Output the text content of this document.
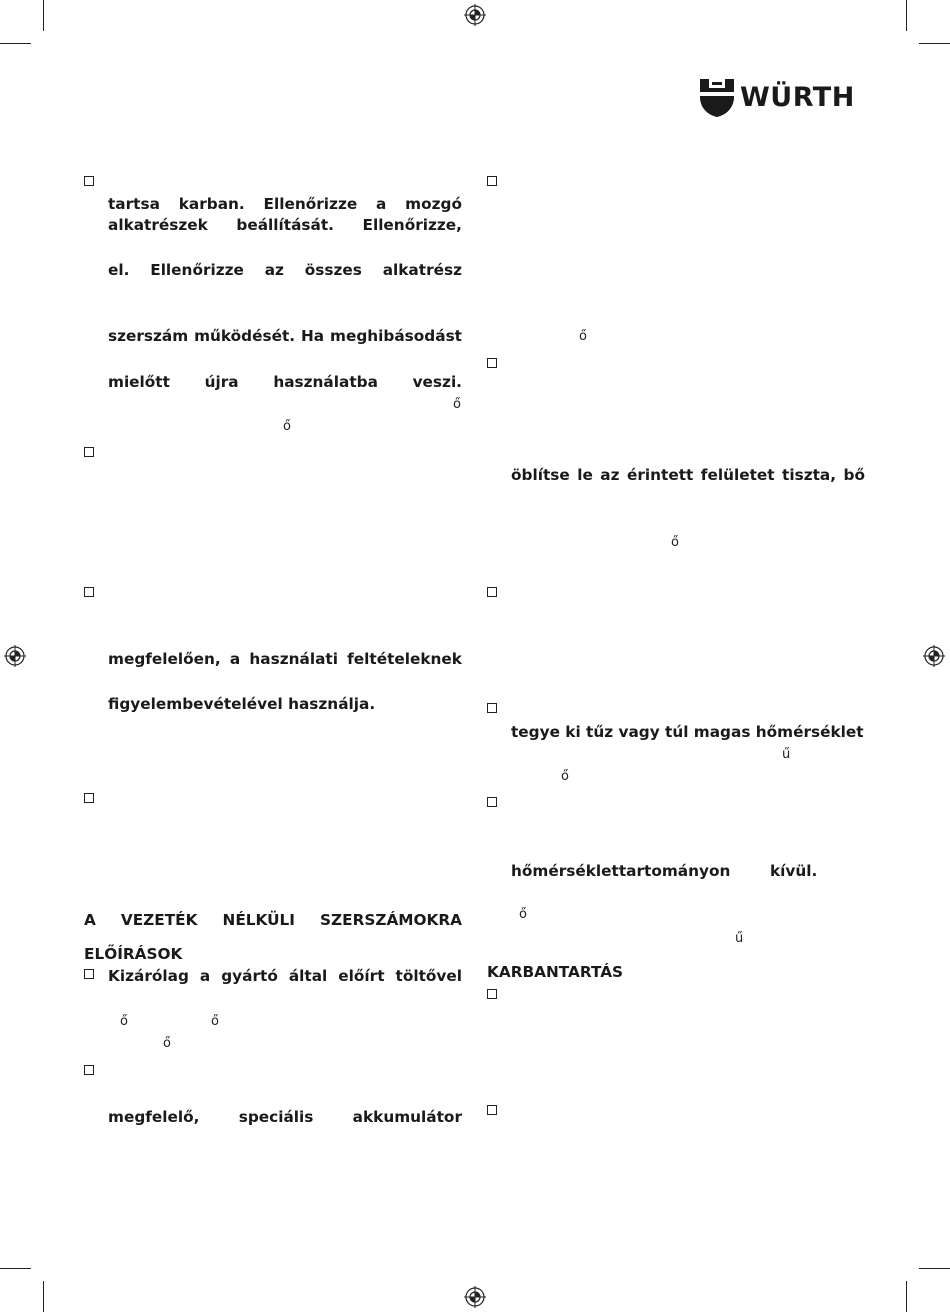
WÜRTH
tartsa karban. Ellenőrizze a mozgó
alkatrészek beállítását. Ellenőrizze,
el. Ellenőrizze az összes alkatrész
szerszám működését. Ha meghibásodást
mielőtt újra használatba veszi.
ő
ő
megfelelően, a használati feltételeknek
figyelembevételével használja.
A VEZETÉK NÉLKÜLI SZERSZÁMOKRA
ELŐÍRÁSOK
Kizárólag a gyártó által előírt töltővel
ő	ő
ő
megfelelő, speciális akkumulátor
ő
öblítse le az érintett felületet tiszta, bő
ő
tegye ki tűz vagy túl magas hőmérséklet
ű
ő
hőmérséklettartományon	kívül.
ő
ű
KARBANTARTÁS
